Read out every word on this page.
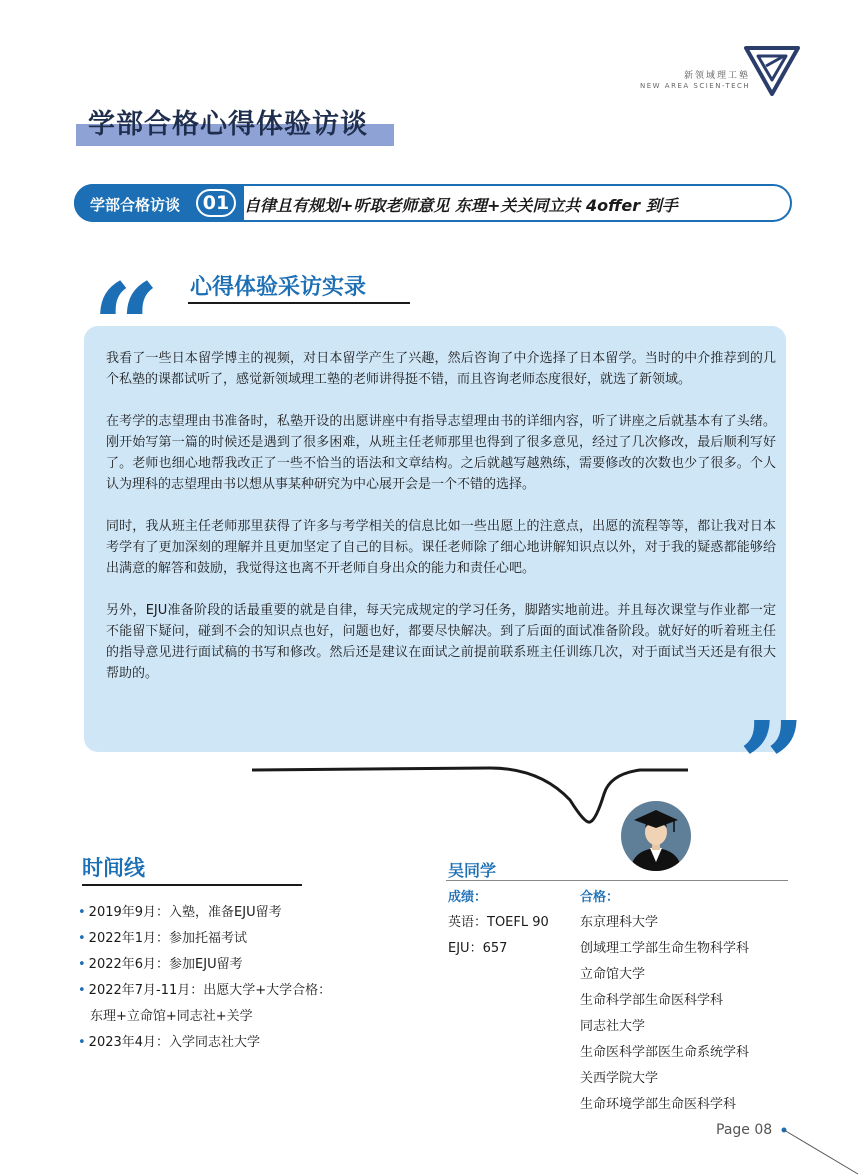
新领域理工塾
NEW AREA SCIEN-TECH
学部合格心得体验访谈
学部合格访谈	01 自律且有规划+听取老师意见 东理+关关同立共 4offer 到手
心得体验采访实录

我看了一些日本留学博主的视频，对日本留学产生了兴趣，然后咨询了中介选择了日本留学。当时的中介推荐到的几个私塾的课都试听了，感觉新领域理工塾的老师讲得挺不错，而且咨询老师态度很好，就选了新领域。

在考学的志望理由书准备时，私塾开设的出愿讲座中有指导志望理由书的详细内容，听了讲座之后就基本有了头绪。刚开始写第一篇的时候还是遇到了很多困难，从班主任老师那里也得到了很多意见，经过了几次修改，最后顺利写好了。老师也细心地帮我改正了一些不恰当的语法和文章结构。之后就越写越熟练，需要修改的次数也少了很多。个人认为理科的志望理由书以想从事某种研究为中心展开会是一个不错的选择。

同时，我从班主任老师那里获得了许多与考学相关的信息比如一些出愿上的注意点，出愿的流程等等，都让我对日本考学有了更加深刻的理解并且更加坚定了自己的目标。课任老师除了细心地讲解知识点以外，对于我的疑惑都能够给出满意的解答和鼓励，我觉得这也离不开老师自身出众的能力和责任心吧。

另外，EJU准备阶段的话最重要的就是自律，每天完成规定的学习任务，脚踏实地前进。并且每次课堂与作业都一定不能留下疑问，碰到不会的知识点也好，问题也好，都要尽快解决。到了后面的面试准备阶段。就好好的听着班主任的指导意见进行面试稿的书写和修改。然后还是建议在面试之前提前联系班主任训练几次，对于面试当天还是有很大帮助的。

”
时间线
• 2019年9月：入塾，准备EJU留考
• 2022年1月：参加托福考试
• 2022年6月：参加EJU留考
• 2022年7月-11月：出愿大学+大学合格：
东理+立命馆+同志社+关学
• 2023年4月：入学同志社大学
吴同学
成绩：
英语：TOEFL 90
EJU：657
合格：
东京理科大学
创域理工学部生命生物科学科
立命馆大学
生命科学部生命医科学科
同志社大学
生命医科学部医生命系统学科
关西学院大学
生命环境学部生命医科学科
Page 08
